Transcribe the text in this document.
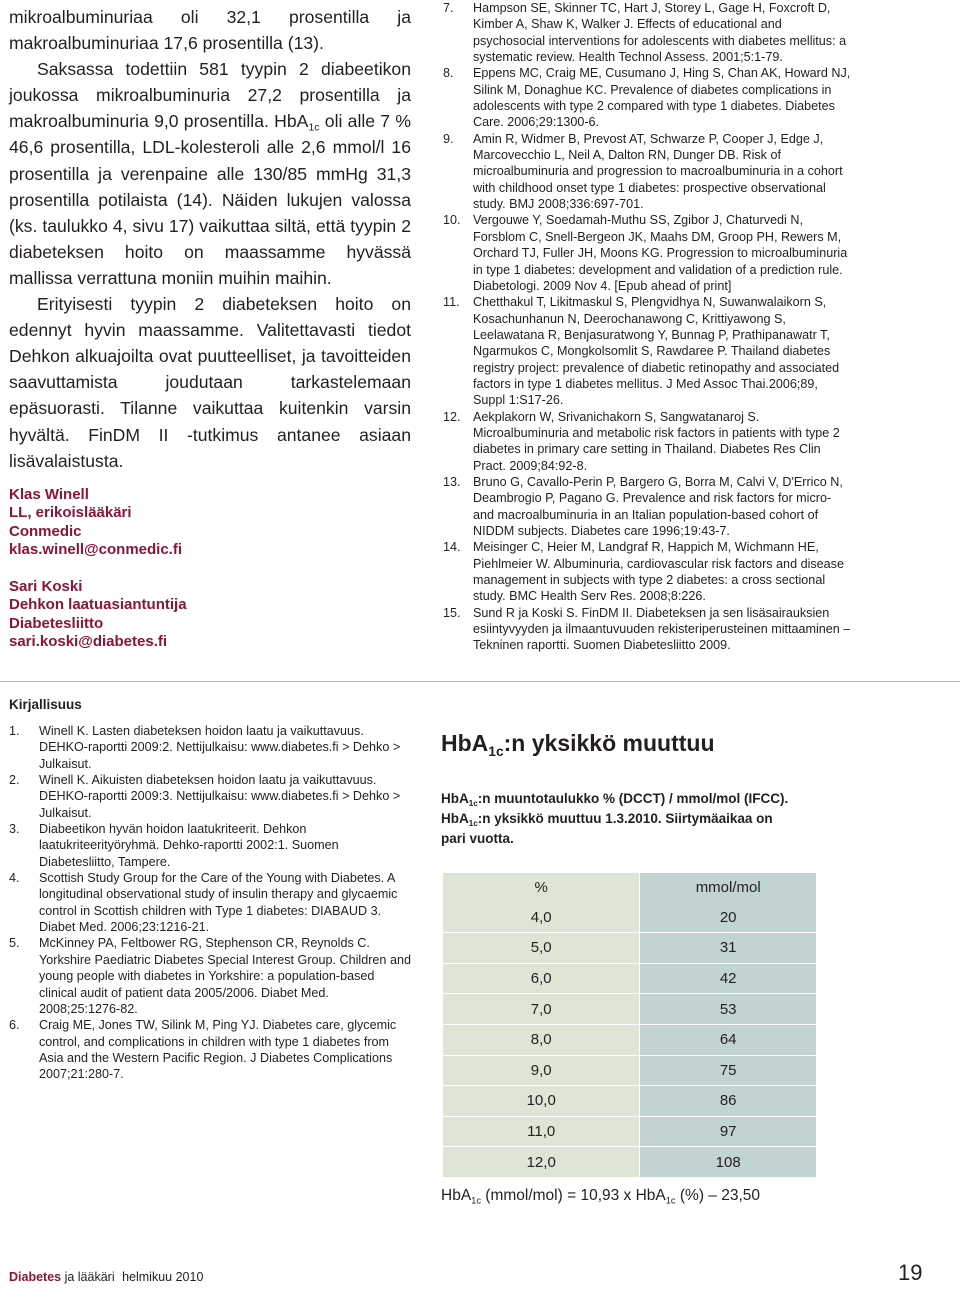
mikroalbuminuriaa oli 32,1 prosentilla ja makroalbuminuriaa 17,6 prosentilla (13).

Saksassa todettiin 581 tyypin 2 diabeetikon joukossa mikroalbuminuria 27,2 prosentilla ja makroalbuminuria 9,0 prosentilla. HbA$_{1c}$ oli alle 7 % 46,6 prosentilla, LDL-kolesteroli alle 2,6 mmol/l 16 prosentilla ja verenpaine alle 130/85 mmHg 31,3 prosentilla potilaista (14). Näiden lukujen valossa (ks. taulukko 4, sivu 17) vaikuttaa siltä, että tyypin 2 diabeteksen hoito on maassamme hyvässä mallissa verrattuna moniin muihin maihin.

Erityisesti tyypin 2 diabeteksen hoito on edennyt hyvin maassamme. Valitettavasti tiedot Dehkon alkuajoilta ovat puutteelliset, ja tavoitteiden saavuttamista joudutaan tarkastelemaan epäsuorasti. Tilanne vaikuttaa kuitenkin varsin hyvältä. FinDM II -tutkimus antanee asiaan lisävalaistusta.

Klas Winell
LL, erikoislääkäri
Conmedic
klas.winell@conmedic.fi
Sari Koski
Dehkon laatuasiantuntija
Diabetesliitto
sari.koski@diabetes.fi
7. Hampson SE, Skinner TC, Hart J, Storey L, Gage H, Foxcroft D, Kimber A, Shaw K, Walker J. Effects of educational and psychosocial interventions for adolescents with diabetes mellitus: a systematic review. Health Technol Assess. 2001;5:1-79.
8. Eppens MC, Craig ME, Cusumano J, Hing S, Chan AK, Howard NJ, Silink M, Donaghue KC. Prevalence of diabetes complications in adolescents with type 2 compared with type 1 diabetes. Diabetes Care. 2006;29:1300-6.
9. Amin R, Widmer B, Prevost AT, Schwarze P, Cooper J, Edge J, Marcovecchio L, Neil A, Dalton RN, Dunger DB. Risk of microalbuminuria and progression to macroalbuminuria in a cohort with childhood onset type 1 diabetes: prospective observational study. BMJ 2008;336:697-701.
10. Vergouwe Y, Soedamah-Muthu SS, Zgibor J, Chaturvedi N, Forsblom C, Snell-Bergeon JK, Maahs DM, Groop PH, Rewers M, Orchard TJ, Fuller JH, Moons KG. Progression to microalbuminuria in type 1 diabetes: development and validation of a prediction rule. Diabetologi. 2009 Nov 4. [Epub ahead of print]
11. Chetthakul T, Likitmaskul S, Plengvidhya N, Suwanwalaikorn S, Kosachunhanun N, Deerochanawong C, Krittiyawong S, Leelawatana R, Benjasuratwong Y, Bunnag P, Prathipanawatr T, Ngarmukos C, Mongkolsomlit S, Rawdaree P. Thailand diabetes registry project: prevalence of diabetic retinopathy and associated factors in type 1 diabetes mellitus. J Med Assoc Thai.2006;89, Suppl 1:S17-26.
12. Aekplakorn W, Srivanichakorn S, Sangwatanaroj S. Microalbuminuria and metabolic risk factors in patients with type 2 diabetes in primary care setting in Thailand. Diabetes Res Clin Pract. 2009;84:92-8.
13. Bruno G, Cavallo-Perin P, Bargero G, Borra M, Calvi V, D'Errico N, Deambrogio P, Pagano G. Prevalence and risk factors for micro- and macroalbuminuria in an Italian population-based cohort of NIDDM subjects. Diabetes care 1996;19:43-7.
14. Meisinger C, Heier M, Landgraf R, Happich M, Wichmann HE, Piehlmeier W. Albuminuria, cardiovascular risk factors and disease management in subjects with type 2 diabetes: a cross sectional study. BMC Health Serv Res. 2008;8:226.
15. Sund R ja Koski S. FinDM II. Diabeteksen ja sen lisäsairauksien esiintyvyyden ja ilmaantuvuuden rekisteriperusteinen mittaaminen – Tekninen raportti. Suomen Diabetesliitto 2009.
Kirjallisuus
1. Winell K. Lasten diabeteksen hoidon laatu ja vaikuttavuus. DEHKO-raportti 2009:2. Nettijulkaisu: www.diabetes.fi > Dehko > Julkaisut.
2. Winell K. Aikuisten diabeteksen hoidon laatu ja vaikuttavuus. DEHKO-raportti 2009:3. Nettijulkaisu: www.diabetes.fi > Dehko > Julkaisut.
3. Diabeetikon hyvän hoidon laatukriteerit. Dehkon laatukriteerityöryhmä. Dehko-raportti 2002:1. Suomen Diabetesliitto, Tampere.
4. Scottish Study Group for the Care of the Young with Diabetes. A longitudinal observational study of insulin therapy and glycaemic control in Scottish children with Type 1 diabetes: DIABAUD 3. Diabet Med. 2006;23:1216-21.
5. McKinney PA, Feltbower RG, Stephenson CR, Reynolds C. Yorkshire Paediatric Diabetes Special Interest Group. Children and young people with diabetes in Yorkshire: a population-based clinical audit of patient data 2005/2006. Diabet Med. 2008;25:1276-82.
6. Craig ME, Jones TW, Silink M, Ping YJ. Diabetes care, glycemic control, and complications in children with type 1 diabetes from Asia and the Western Pacific Region. J Diabetes Complications 2007;21:280-7.
HbA$_{1c}$:n yksikkö muuttuu
HbA$_{1c}$:n muuntotaulukko % (DCCT) / mmol/mol (IFCC).
HbA$_{1c}$:n yksikkö muuttuu 1.3.2010. Siirtymäaikaa on
pari vuotta.
%	mmol/mol
4,0	20
5,0	31
6,0	42
7,0	53
8,0	64
9,0	75
10,0	86
11,0	97
12,0	108
HbA$_{1c}$ (mmol/mol) = 10,93 x HbA$_{1c}$ (%) – 23,50
Diabetes ja lääkäri helmikuu 2010	19
